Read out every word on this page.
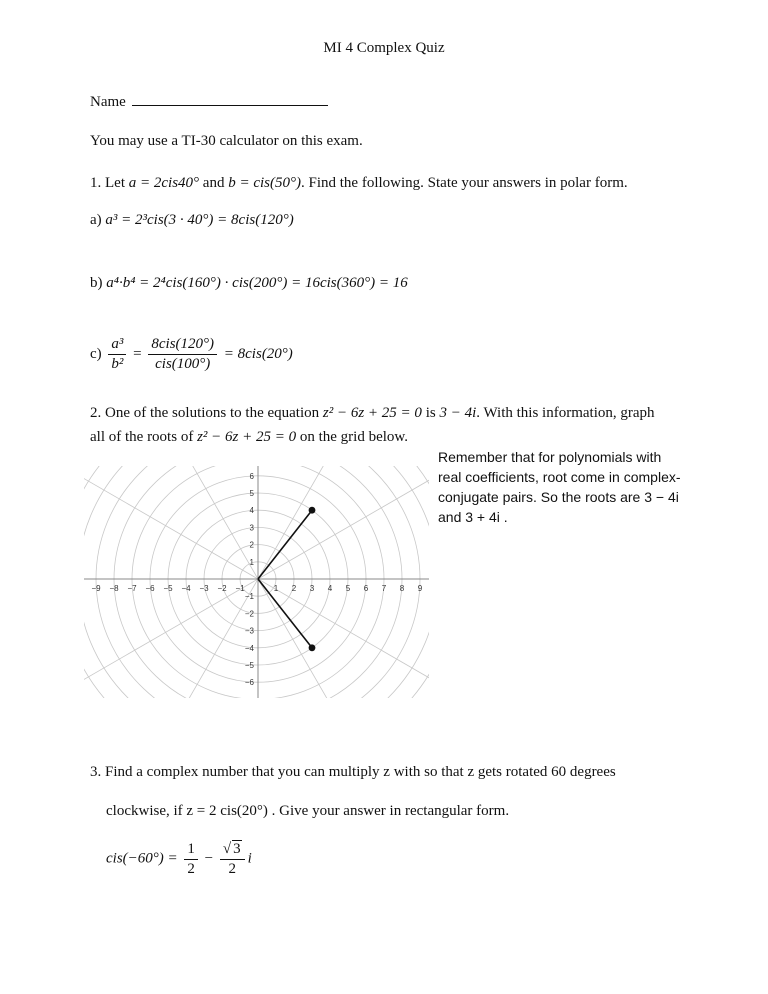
MI 4 Complex Quiz
Name
You may use a TI-30 calculator on this exam.
1. Let a = 2cis40° and b = cis(50°). Find the following. State your answers in polar form.
a) a³ = 2³cis(3 · 40°) = 8cis(120°)
b) a⁴·b⁴ = 2⁴cis(160°) · cis(200°) = 16cis(360°) = 16
$c) \frac{\text{a³}}{\text{b²}} = \frac{\text{8cis(120°)}}{\text{cis(100°)}} = 8cis(20^\circ)$
2. One of the solutions to the equation z² − 6z + 25 = 0 is 3 − 4i. With this information, graph
all of the roots of z² − 6z + 25 = 0 on the grid below.
Remember that for polynomials with real coefficients, root come in complex-conjugate pairs. So the roots are 3 − 4i and 3 + 4i .
−9 −8 −7 −6 −5 −4 −3 −2 −1	1 2 3 4 5 6 7 8 9
−6
−5
−4
−3
−2
−1
1
2
3
4
5
6
3. Find a complex number that you can multiply z with so that z gets rotated 60 degrees
clockwise, if z = 2 cis(20°) . Give your answer in rectangular form.
$cis(-60^\circ) = \frac{1}{2} - \frac{√ 3}{2}$ i
